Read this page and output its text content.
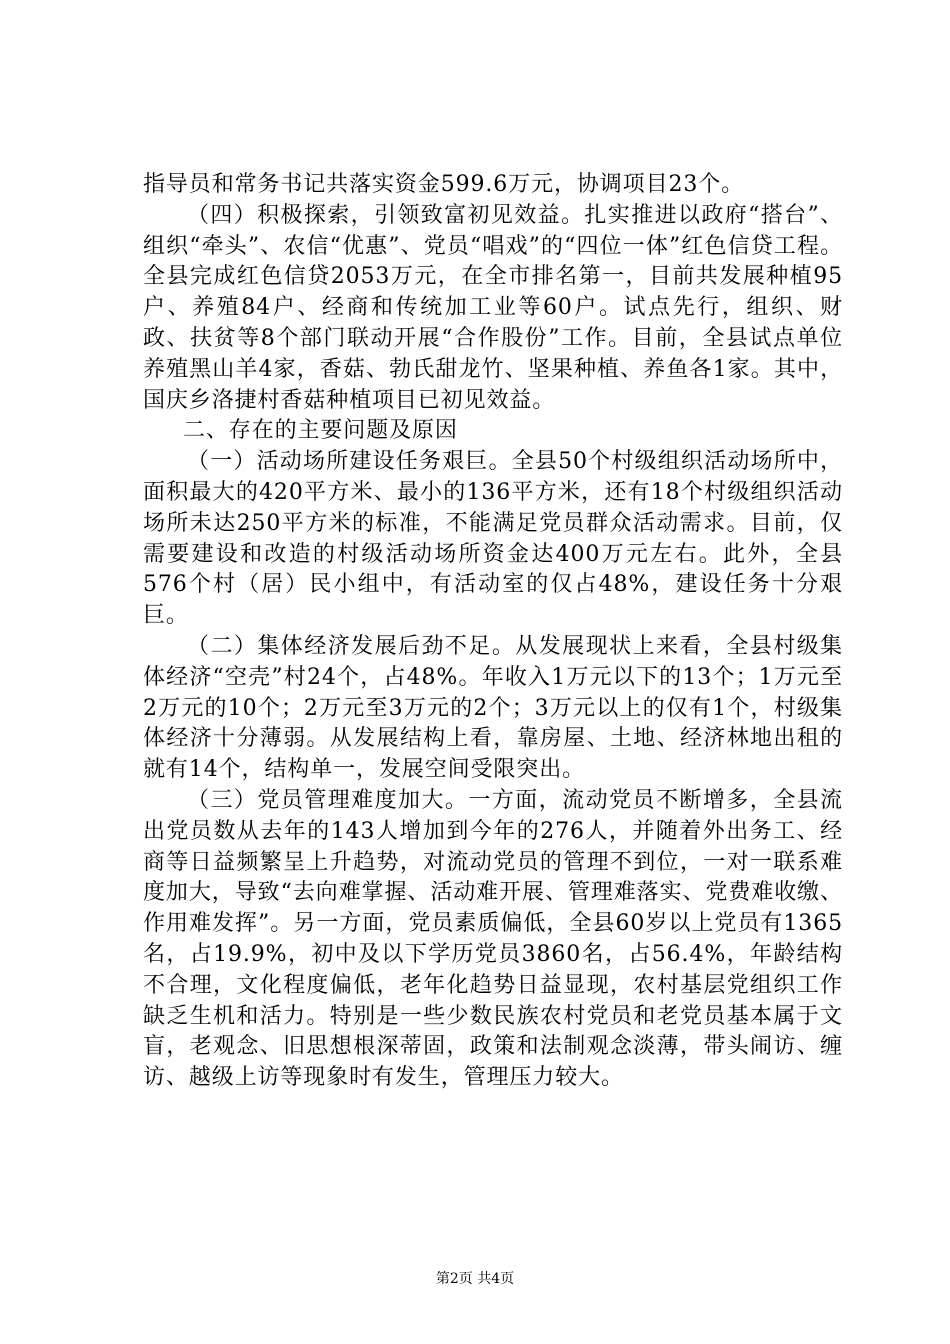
指导员和常务书记共落实资金599.6万元，协调项目23个。

（四）积极探索，引领致富初见效益。扎实推进以政府“搭台”、组织“牵头”、农信“优惠”、党员“唱戏”的“四位一体”红色信贷工程。全县完成红色信贷2053万元，在全市排名第一，目前共发展种植95户、养殖84户、经商和传统加工业等60户。试点先行，组织、财政、扶贫等8个部门联动开展“合作股份”工作。目前，全县试点单位养殖黑山羊4家，香菇、勃氏甜龙竹、坚果种植、养鱼各1家。其中，国庆乡洛捷村香菇种植项目已初见效益。

二、存在的主要问题及原因

（一）活动场所建设任务艰巨。全县50个村级组织活动场所中，面积最大的420平方米、最小的136平方米，还有18个村级组织活动场所未达250平方米的标准，不能满足党员群众活动需求。目前，仅需要建设和改造的村级活动场所资金达400万元左右。此外，全县576个村（居）民小组中，有活动室的仅占48%，建设任务十分艰巨。

（二）集体经济发展后劲不足。从发展现状上来看，全县村级集体经济“空壳”村24个，占48%。年收入1万元以下的13个；1万元至2万元的10个；2万元至3万元的2个；3万元以上的仅有1个，村级集体经济十分薄弱。从发展结构上看，靠房屋、土地、经济林地出租的就有14个，结构单一，发展空间受限突出。

（三）党员管理难度加大。一方面，流动党员不断增多，全县流出党员数从去年的143人增加到今年的276人，并随着外出务工、经商等日益频繁呈上升趋势，对流动党员的管理不到位，一对一联系难度加大，导致“去向难掌握、活动难开展、管理难落实、党费难收缴、作用难发挥”。另一方面，党员素质偏低，全县60岁以上党员有1365名，占19.9%，初中及以下学历党员3860名，占56.4%，年龄结构不合理，文化程度偏低，老年化趋势日益显现，农村基层党组织工作缺乏生机和活力。特别是一些少数民族农村党员和老党员基本属于文盲，老观念、旧思想根深蒂固，政策和法制观念淡薄，带头闹访、缠访、越级上访等现象时有发生，管理压力较大。

第2页 共4页
